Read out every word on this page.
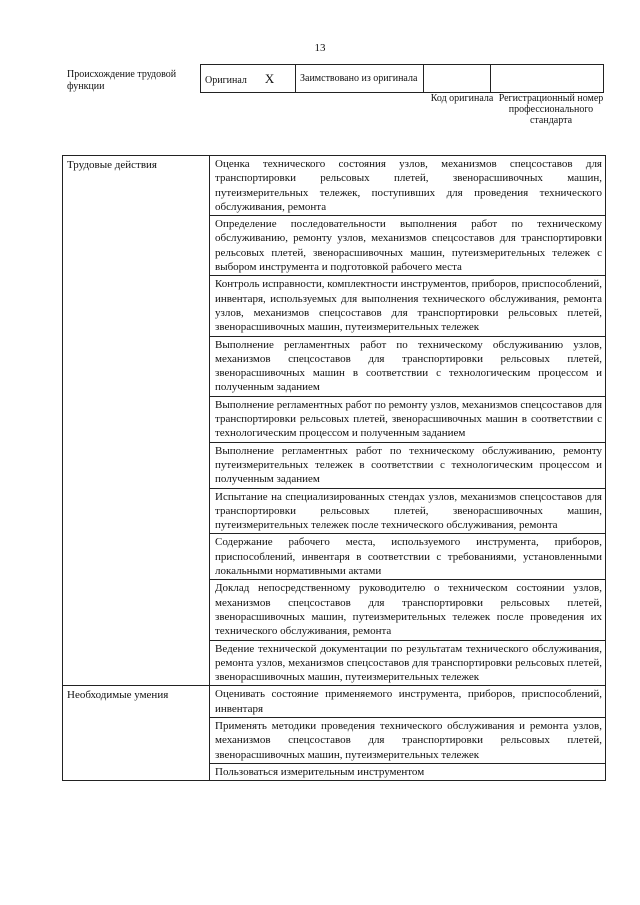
13
Происхождение трудовой функции
Оригинал X	Заимствовано из оригинала		
Код оригинала Регистрационный номер профессионального стандарта
Трудовые действия	Оценка технического состояния узлов, механизмов спецсоставов для транспортировки рельсовых плетей, звенорасшивочных машин, путеизмерительных тележек, поступивших для проведения технического обслуживания, ремонта
	Определение последовательности выполнения работ по техническому обслуживанию, ремонту узлов, механизмов спецсоставов для транспортировки рельсовых плетей, звенорасшивочных машин, путеизмерительных тележек с выбором инструмента и подготовкой рабочего места
	Контроль исправности, комплектности инструментов, приборов, приспособлений, инвентаря, используемых для выполнения технического обслуживания, ремонта узлов, механизмов спецсоставов для транспортировки рельсовых плетей, звенорасшивочных машин, путеизмерительных тележек
	Выполнение регламентных работ по техническому обслуживанию узлов, механизмов спецсоставов для транспортировки рельсовых плетей, звенорасшивочных машин в соответствии с технологическим процессом и полученным заданием
	Выполнение регламентных работ по ремонту узлов, механизмов спецсоставов для транспортировки рельсовых плетей, звенорасшивочных машин в соответствии с технологическим процессом и полученным заданием
	Выполнение регламентных работ по техническому обслуживанию, ремонту путеизмерительных тележек в соответствии с технологическим процессом и полученным заданием
	Испытание на специализированных стендах узлов, механизмов спецсоставов для транспортировки рельсовых плетей, звенорасшивочных машин, путеизмерительных тележек после технического обслуживания, ремонта
	Содержание рабочего места, используемого инструмента, приборов, приспособлений, инвентаря в соответствии с требованиями, установленными локальными нормативными актами
	Доклад непосредственному руководителю о техническом состоянии узлов, механизмов спецсоставов для транспортировки рельсовых плетей, звенорасшивочных машин, путеизмерительных тележек после проведения их технического обслуживания, ремонта
	Ведение технической документации по результатам технического обслуживания, ремонта узлов, механизмов спецсоставов для транспортировки рельсовых плетей, звенорасшивочных машин, путеизмерительных тележек
Необходимые умения	Оценивать состояние применяемого инструмента, приборов, приспособлений, инвентаря
	Применять методики проведения технического обслуживания и ремонта узлов, механизмов спецсоставов для транспортировки рельсовых плетей, звенорасшивочных машин, путеизмерительных тележек
	Пользоваться измерительным инструментом
